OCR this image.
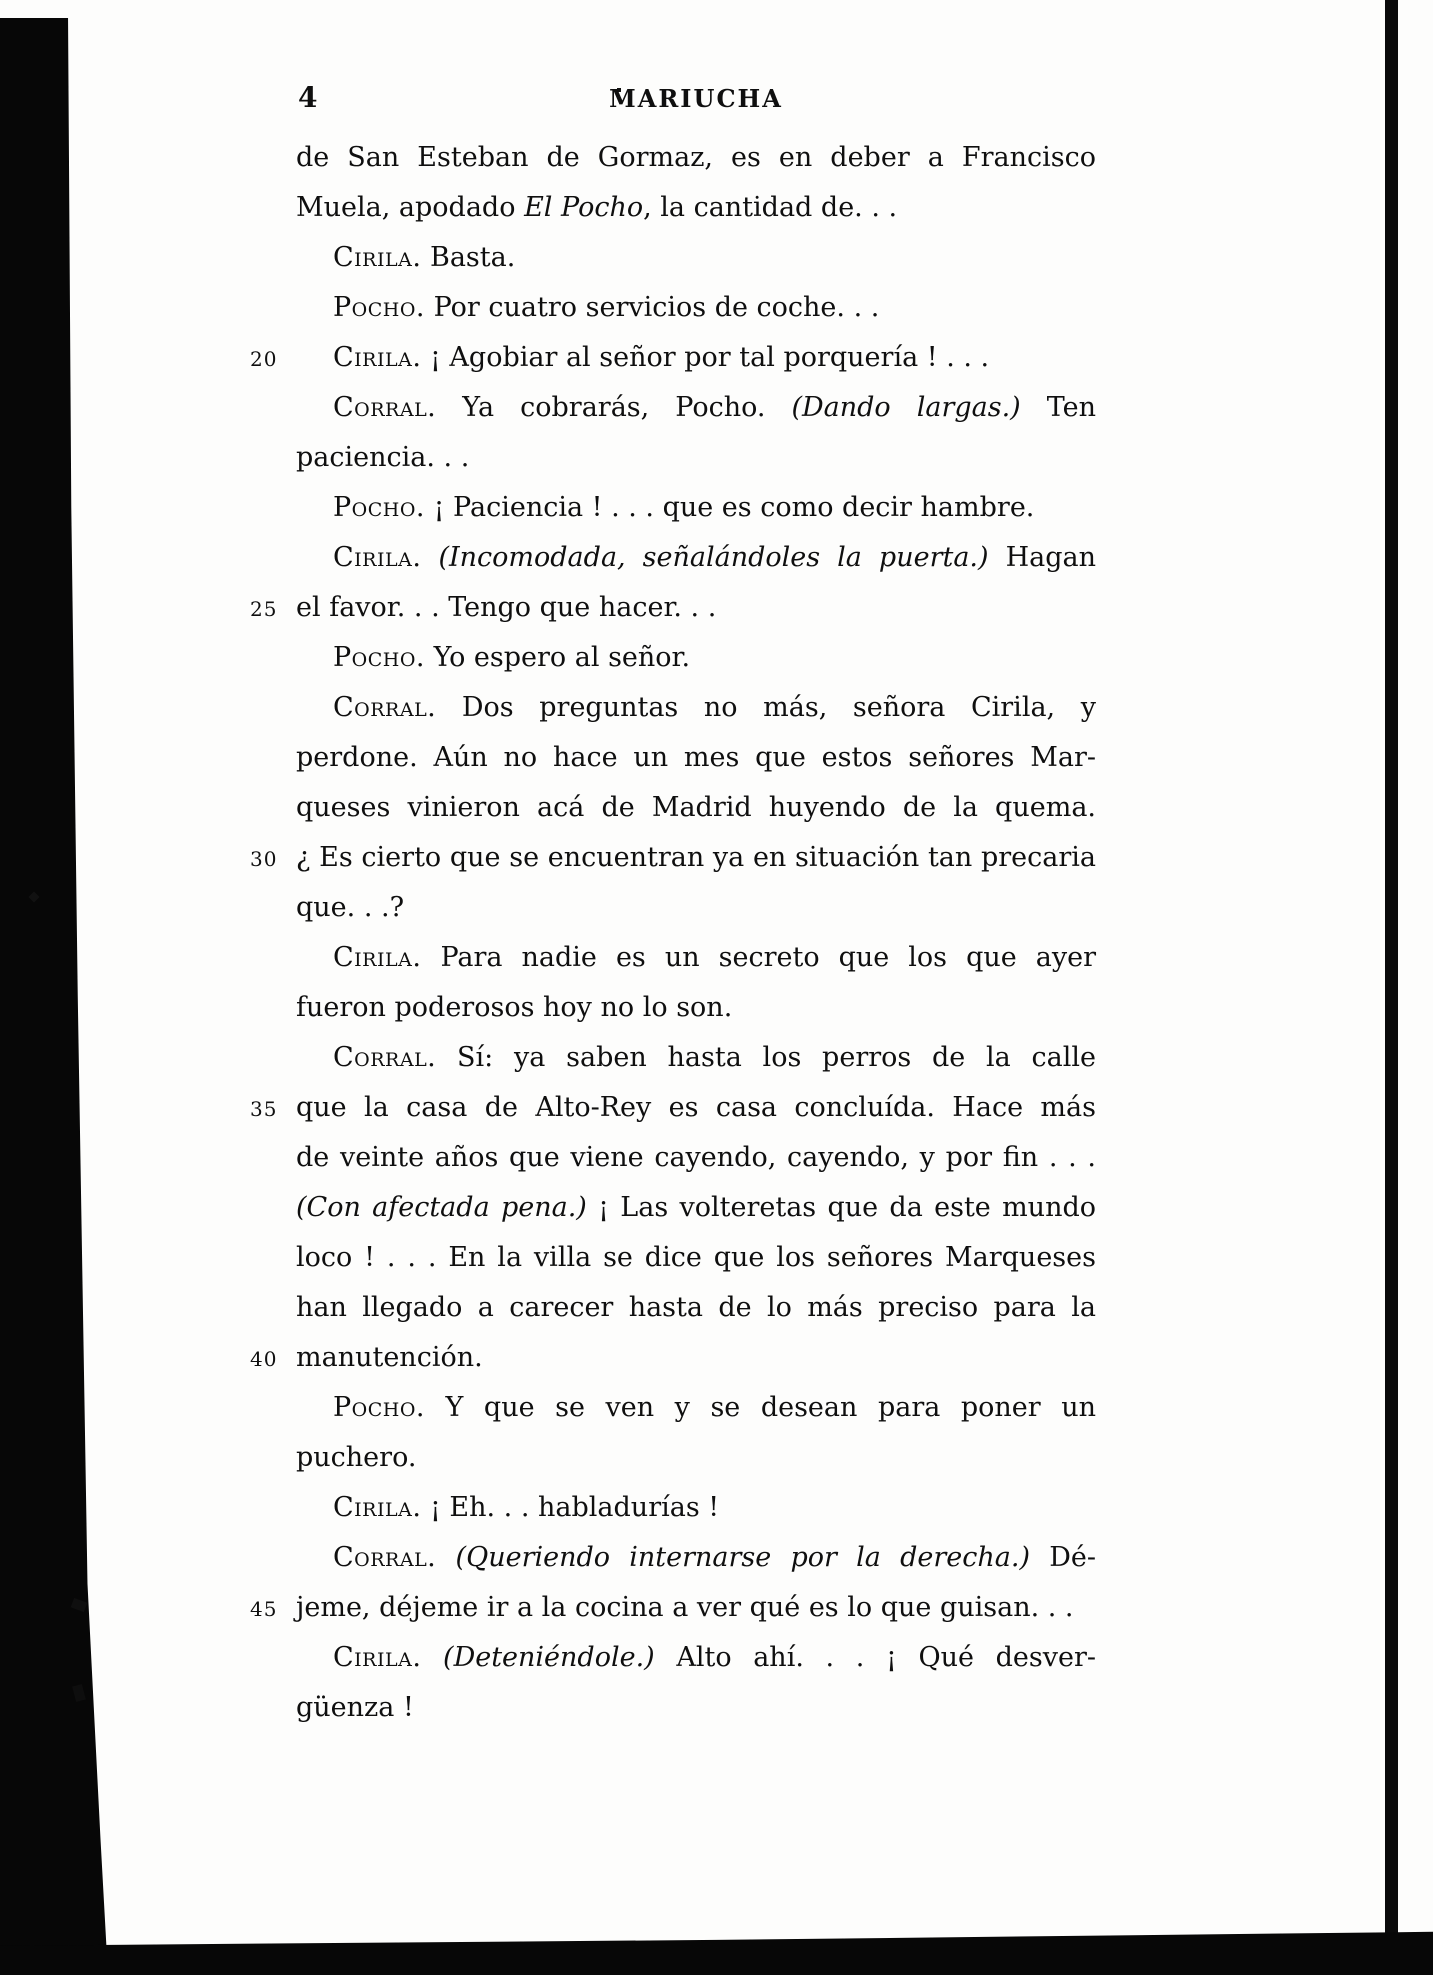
4	MARIUCHA
de San Esteban de Gormaz, es en deber a Francisco
Muela, apodado El Pocho, la cantidad de. . .
Cirila. Basta.
Pocho. Por cuatro servicios de coche. . .
20	Cirila. ¡ Agobiar al señor por tal porquería ! . . .
Corral. Ya cobrarás, Pocho. (Dando largas.) Ten
paciencia. . .
Pocho. ¡ Paciencia ! . . . que es como decir hambre.
Cirila. (Incomodada, señalándoles la puerta.) Hagan
25 el favor. . . Tengo que hacer. . .
Pocho. Yo espero al señor.
Corral. Dos preguntas no más, señora Cirila, y
perdone. Aún no hace un mes que estos señores Mar-
queses vinieron acá de Madrid huyendo de la quema.
30 ¿ Es cierto que se encuentran ya en situación tan precaria
que. . .?
Cirila. Para nadie es un secreto que los que ayer
fueron poderosos hoy no lo son.
Corral. Sí: ya saben hasta los perros de la calle
35 que la casa de Alto-Rey es casa concluída. Hace más
de veinte años que viene cayendo, cayendo, y por fin . . .
(Con afectada pena.) ¡ Las volteretas que da este mundo
loco ! . . . En la villa se dice que los señores Marqueses
han llegado a carecer hasta de lo más preciso para la
40 manutención.
Pocho. Y que se ven y se desean para poner un
puchero.
Cirila. ¡ Eh. . . habladurías !
Corral. (Queriendo internarse por la derecha.) Dé-
45 jeme, déjeme ir a la cocina a ver qué es lo que guisan. . .
Cirila. (Deteniéndole.) Alto ahí. . . ¡ Qué desver-
güenza !
